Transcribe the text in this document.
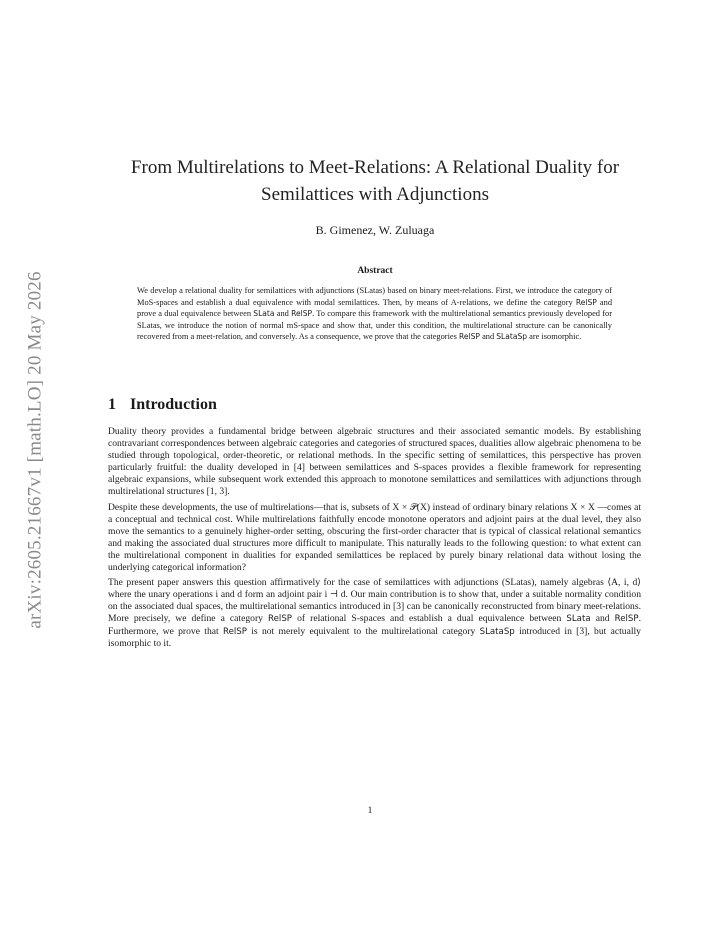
arXiv:2605.21667v1 [math.LO] 20 May 2026
From Multirelations to Meet-Relations: A Relational Duality for Semilattices with Adjunctions
B. Gimenez, W. Zuluaga
Abstract
We develop a relational duality for semilattices with adjunctions (SLatas) based on binary meet-relations. First, we introduce the category of MoS-spaces and establish a dual equivalence with modal semilattices. Then, by means of A-relations, we define the category RelSP and prove a dual equivalence between SLata and RelSP. To compare this framework with the multirelational semantics previously developed for SLatas, we introduce the notion of normal mS-space and show that, under this condition, the multirelational structure can be canonically recovered from a meet-relation, and conversely. As a consequence, we prove that the categories RelSP and SLataSp are isomorphic.
1 Introduction

Duality theory provides a fundamental bridge between algebraic structures and their associated semantic models. By establishing contravariant correspondences between algebraic categories and categories of structured spaces, dualities allow algebraic phenomena to be studied through topological, order-theoretic, or relational methods. In the specific setting of semilattices, this perspective has proven particularly fruitful: the duality developed in [4] between semilattices and S-spaces provides a flexible framework for representing algebraic expansions, while subsequent work extended this approach to monotone semilattices and semilattices with adjunctions through multirelational structures [1, 3].

Despite these developments, the use of multirelations—that is, subsets of X × 𝒫(X) instead of ordinary binary relations X × X —comes at a conceptual and technical cost. While multirelations faithfully encode monotone operators and adjoint pairs at the dual level, they also move the semantics to a genuinely higher-order setting, obscuring the first-order character that is typical of classical relational semantics and making the associated dual structures more difficult to manipulate. This naturally leads to the following question: to what extent can the multirelational component in dualities for expanded semilattices be replaced by purely binary relational data without losing the underlying categorical information?

The present paper answers this question affirmatively for the case of semilattices with adjunctions (SLatas), namely algebras ⟨A, i, d⟩ where the unary operations i and d form an adjoint pair i ⊣ d. Our main contribution is to show that, under a suitable normality condition on the associated dual spaces, the multirelational semantics introduced in [3] can be canonically reconstructed from binary meet-relations. More precisely, we define a category RelSP of relational S-spaces and establish a dual equivalence between SLata and RelSP. Furthermore, we prove that RelSP is not merely equivalent to the multirelational category SLataSp introduced in [3], but actually isomorphic to it.

1
